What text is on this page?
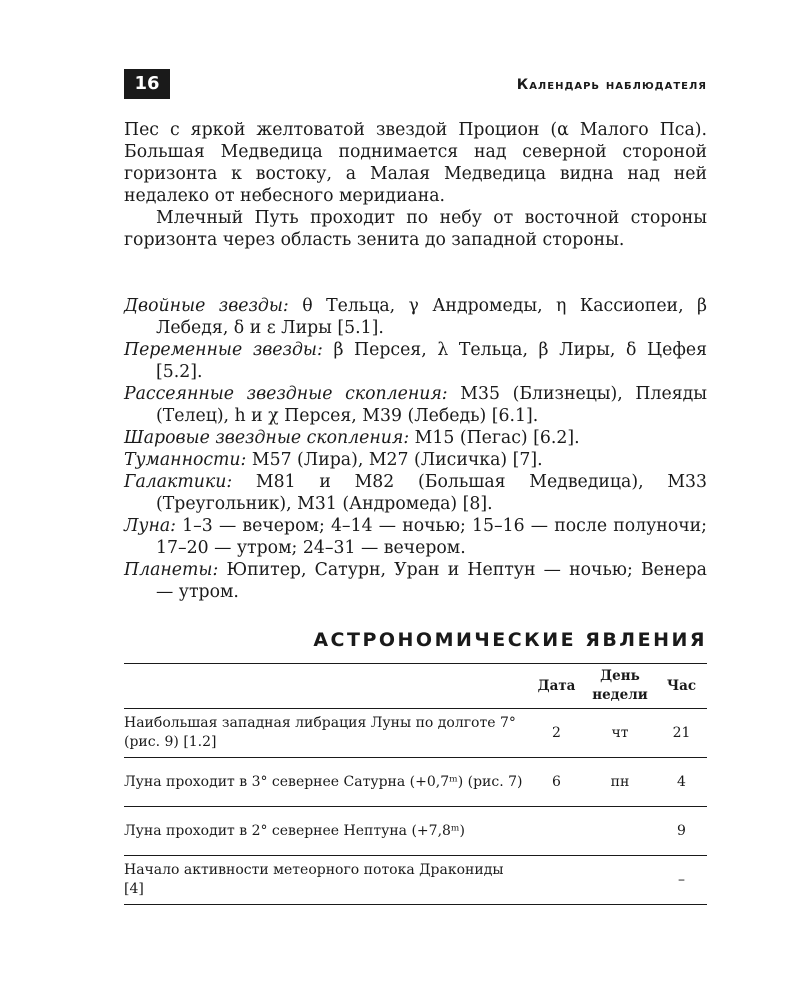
16	Календарь наблюдателя

Пес с яркой желтоватой звездой Процион (α Малого Пса). Большая Медведица поднимается над северной стороной горизонта к востоку, а Малая Медведица видна над ней недалеко от небесного меридиана.

Млечный Путь проходит по небу от восточной стороны горизонта через область зенита до западной стороны.

Двойные звезды: θ Тельца, γ Андромеды, η Кассиопеи, β Лебедя, δ и ε Лиры [5.1].
Переменные звезды: β Персея, λ Тельца, β Лиры, δ Цефея [5.2].
Рассеянные звездные скопления: M35 (Близнецы), Плеяды (Телец), h и χ Персея, M39 (Лебедь) [6.1].
Шаровые звездные скопления: M15 (Пегас) [6.2].
Туманности: M57 (Лира), M27 (Лисичка) [7].
Галактики: M81 и M82 (Большая Медведица), M33 (Треугольник), M31 (Андромеда) [8].
Луна: 1–3 — вечером; 4–14 — ночью; 15–16 — после полуночи; 17–20 — утром; 24–31 — вечером.
Планеты: Юпитер, Сатурн, Уран и Нептун — ночью; Венера — утром.
АСТРОНОМИЧЕСКИЕ ЯВЛЕНИЯ
	Дата	День недели	Час
Наибольшая западная либрация Луны по долготе 7° (рис. 9) [1.2]	2	чт	21
Луна проходит в 3° севернее Сатурна (+0,7ᵐ) (рис. 7)	6	пн	4
Луна проходит в 2° севернее Нептуна (+7,8ᵐ)			9
Начало активности метеорного потока Дракониды [4]			–
